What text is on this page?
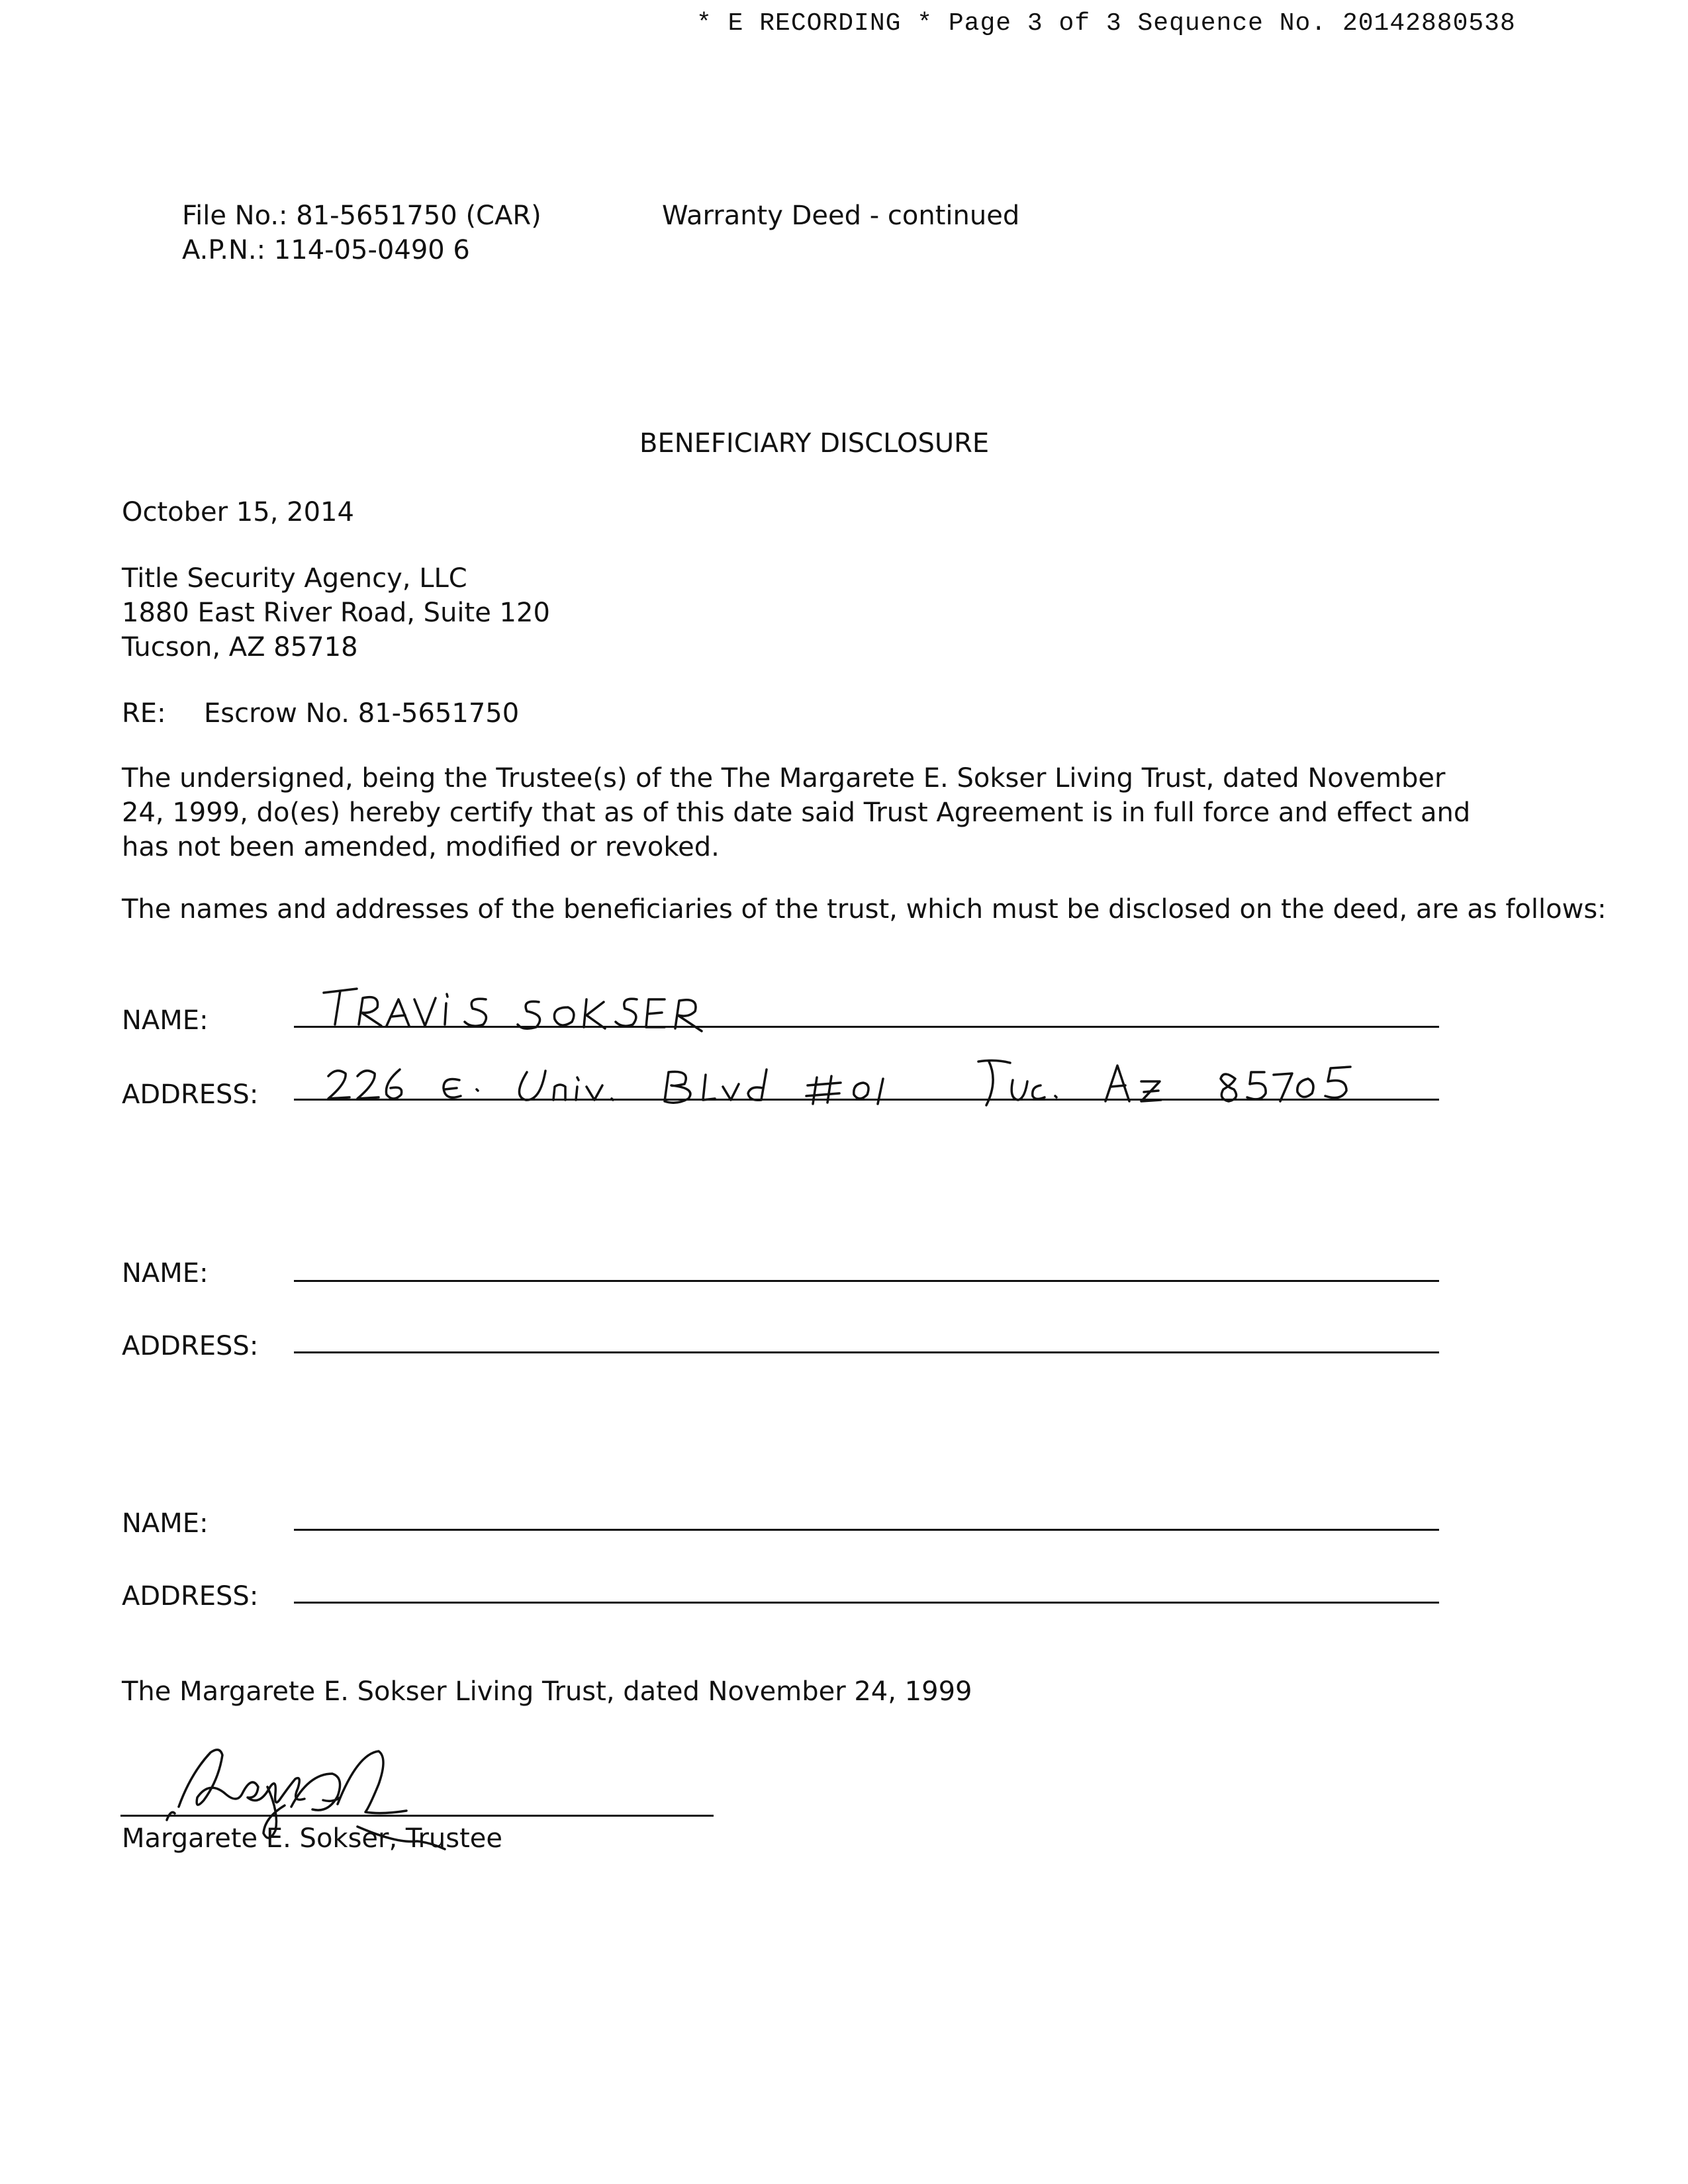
* E RECORDING * Page 3 of 3 Sequence No. 20142880538
File No.: 81-5651750 (CAR)
A.P.N.: 114-05-0490 6
Warranty Deed - continued
BENEFICIARY DISCLOSURE
October 15, 2014
Title Security Agency, LLC
1880 East River Road, Suite 120
Tucson, AZ 85718
RE: Escrow No. 81-5651750
The undersigned, being the Trustee(s) of the The Margarete E. Sokser Living Trust, dated November 24, 1999, do(es) hereby certify that as of this date said Trust Agreement is in full force and effect and has not been amended, modified or revoked.
The names and addresses of the beneficiaries of the trust, which must be disclosed on the deed, are as follows:
NAME:
ADDRESS:
NAME:
ADDRESS:
NAME:
ADDRESS:
The Margarete E. Sokser Living Trust, dated November 24, 1999
Margarete E. Sokser, Trustee
